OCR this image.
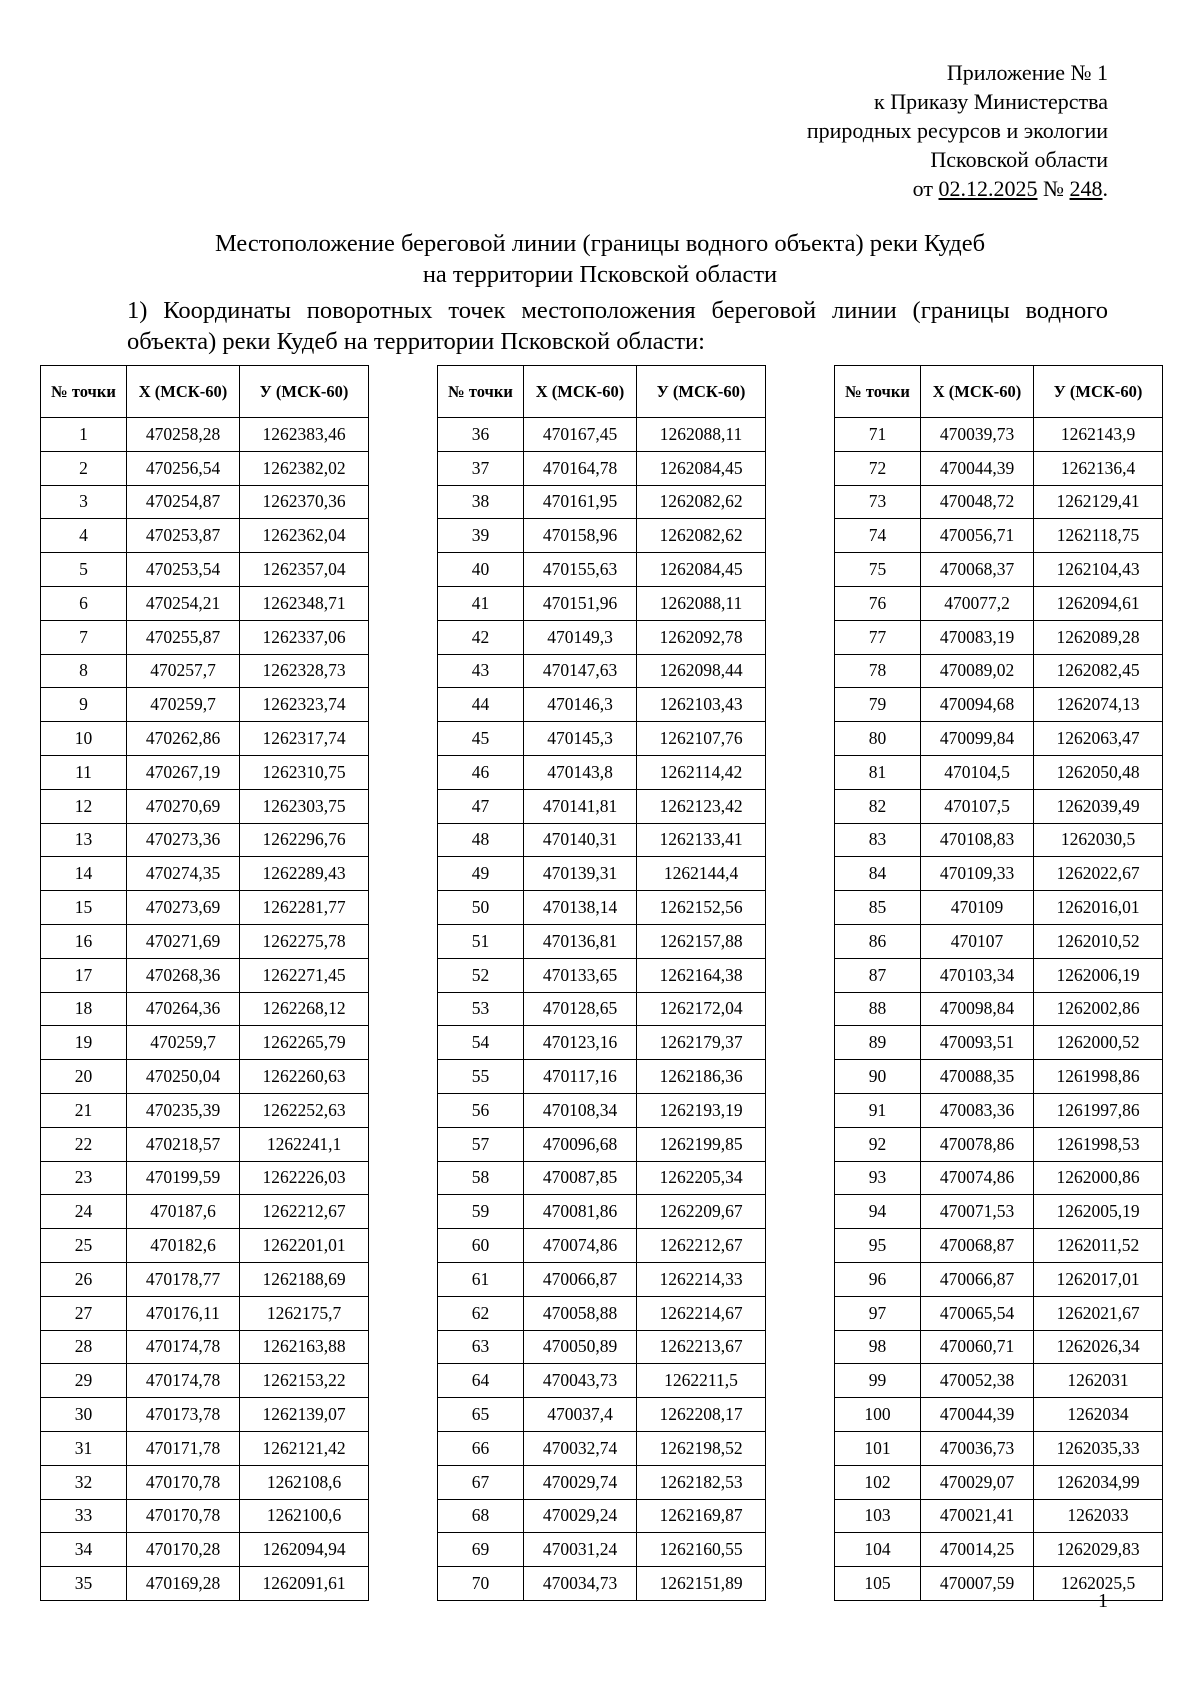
Приложение № 1
к Приказу Министерства
природных ресурсов и экологии
Псковской области
от 02.12.2025 № 248.
Местоположение береговой линии (границы водного объекта) реки Кудеб
на территории Псковской области
1) Координаты поворотных точек местоположения береговой линии (границы водного объекта) реки Кудеб на территории Псковской области:
№ точки	X (МСК-60)	У (МСК-60)
1	470258,28	1262383,46
2	470256,54	1262382,02
3	470254,87	1262370,36
4	470253,87	1262362,04
5	470253,54	1262357,04
6	470254,21	1262348,71
7	470255,87	1262337,06
8	470257,7	1262328,73
9	470259,7	1262323,74
10	470262,86	1262317,74
11	470267,19	1262310,75
12	470270,69	1262303,75
13	470273,36	1262296,76
14	470274,35	1262289,43
15	470273,69	1262281,77
16	470271,69	1262275,78
17	470268,36	1262271,45
18	470264,36	1262268,12
19	470259,7	1262265,79
20	470250,04	1262260,63
21	470235,39	1262252,63
22	470218,57	1262241,1
23	470199,59	1262226,03
24	470187,6	1262212,67
25	470182,6	1262201,01
26	470178,77	1262188,69
27	470176,11	1262175,7
28	470174,78	1262163,88
29	470174,78	1262153,22
30	470173,78	1262139,07
31	470171,78	1262121,42
32	470170,78	1262108,6
33	470170,78	1262100,6
34	470170,28	1262094,94
35	470169,28	1262091,61
№ точки	X (МСК-60)	У (МСК-60)
36	470167,45	1262088,11
37	470164,78	1262084,45
38	470161,95	1262082,62
39	470158,96	1262082,62
40	470155,63	1262084,45
41	470151,96	1262088,11
42	470149,3	1262092,78
43	470147,63	1262098,44
44	470146,3	1262103,43
45	470145,3	1262107,76
46	470143,8	1262114,42
47	470141,81	1262123,42
48	470140,31	1262133,41
49	470139,31	1262144,4
50	470138,14	1262152,56
51	470136,81	1262157,88
52	470133,65	1262164,38
53	470128,65	1262172,04
54	470123,16	1262179,37
55	470117,16	1262186,36
56	470108,34	1262193,19
57	470096,68	1262199,85
58	470087,85	1262205,34
59	470081,86	1262209,67
60	470074,86	1262212,67
61	470066,87	1262214,33
62	470058,88	1262214,67
63	470050,89	1262213,67
64	470043,73	1262211,5
65	470037,4	1262208,17
66	470032,74	1262198,52
67	470029,74	1262182,53
68	470029,24	1262169,87
69	470031,24	1262160,55
70	470034,73	1262151,89
№ точки	X (МСК-60)	У (МСК-60)
71	470039,73	1262143,9
72	470044,39	1262136,4
73	470048,72	1262129,41
74	470056,71	1262118,75
75	470068,37	1262104,43
76	470077,2	1262094,61
77	470083,19	1262089,28
78	470089,02	1262082,45
79	470094,68	1262074,13
80	470099,84	1262063,47
81	470104,5	1262050,48
82	470107,5	1262039,49
83	470108,83	1262030,5
84	470109,33	1262022,67
85	470109	1262016,01
86	470107	1262010,52
87	470103,34	1262006,19
88	470098,84	1262002,86
89	470093,51	1262000,52
90	470088,35	1261998,86
91	470083,36	1261997,86
92	470078,86	1261998,53
93	470074,86	1262000,86
94	470071,53	1262005,19
95	470068,87	1262011,52
96	470066,87	1262017,01
97	470065,54	1262021,67
98	470060,71	1262026,34
99	470052,38	1262031
100	470044,39	1262034
101	470036,73	1262035,33
102	470029,07	1262034,99
103	470021,41	1262033
104	470014,25	1262029,83
105	470007,59	1262025,5
1
